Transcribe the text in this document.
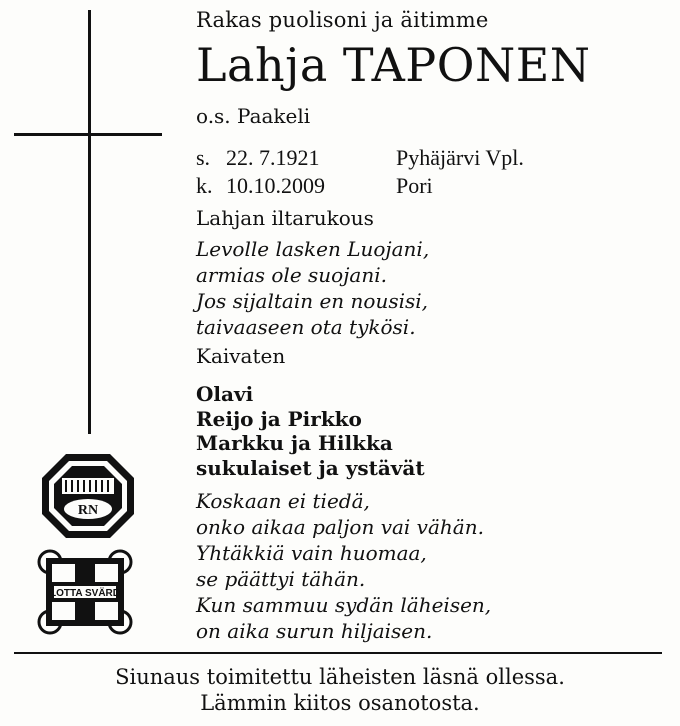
Rakas puolisoni ja äitimme
Lahja TAPONEN
o.s. Paakeli
s. 22. 7.1921	Pyhäjärvi Vpl.
k. 10.10.2009	Pori
Lahjan iltarukous
Levolle lasken Luojani,
armias ole suojani.
Jos sijaltain en nousisi,
taivaaseen ota tykösi.
Kaivaten
Olavi
Reijo ja Pirkko
Markku ja Hilkka
sukulaiset ja ystävät
Koskaan ei tiedä,
onko aikaa paljon vai vähän.
Yhtäkkiä vain huomaa,
se päättyi tähän.
Kun sammuu sydän läheisen,
on aika surun hiljaisen.
RN
LOTTA SVÄRD
Siunaus toimitettu läheisten läsnä ollessa.
Lämmin kiitos osanotosta.
